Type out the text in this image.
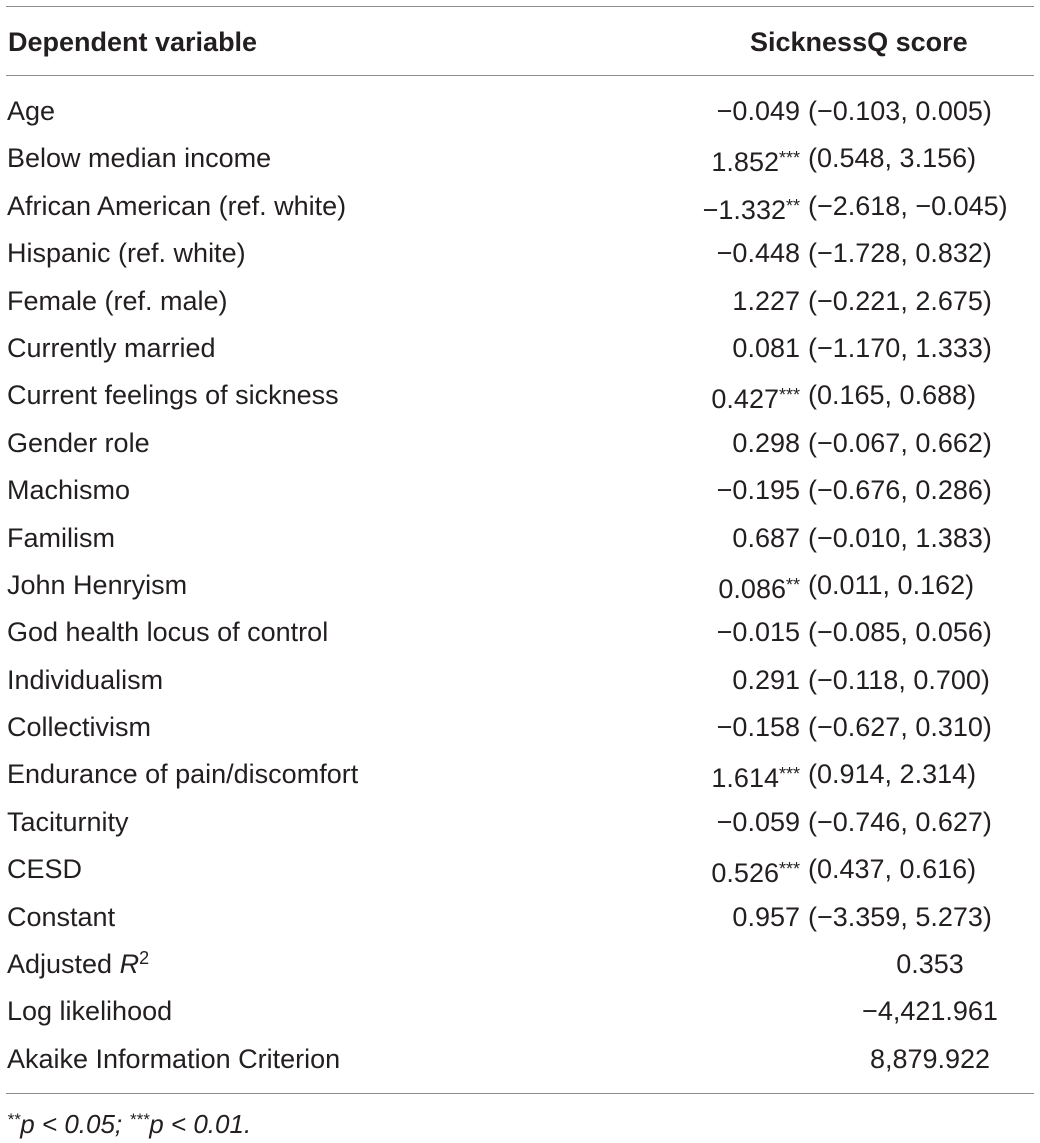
Dependent variable	SicknessQ score
Age	−0.049 (−0.103, 0.005)
Below median income	1.852*** (0.548, 3.156)
African American (ref. white)	−1.332** (−2.618, −0.045)
Hispanic (ref. white)	−0.448 (−1.728, 0.832)
Female (ref. male)	1.227 (−0.221, 2.675)
Currently married	0.081 (−1.170, 1.333)
Current feelings of sickness	0.427*** (0.165, 0.688)
Gender role	0.298 (−0.067, 0.662)
Machismo	−0.195 (−0.676, 0.286)
Familism	0.687 (−0.010, 1.383)
John Henryism	0.086** (0.011, 0.162)
God health locus of control	−0.015 (−0.085, 0.056)
Individualism	0.291 (−0.118, 0.700)
Collectivism	−0.158 (−0.627, 0.310)
Endurance of pain/discomfort	1.614*** (0.914, 2.314)
Taciturnity	−0.059 (−0.746, 0.627)
CESD	0.526*** (0.437, 0.616)
Constant	0.957 (−3.359, 5.273)
Adjusted $R^2$	0.353
Log likelihood	−4,421.961
Akaike Information Criterion	8,879.922
**p < 0.05; ***p < 0.01.
